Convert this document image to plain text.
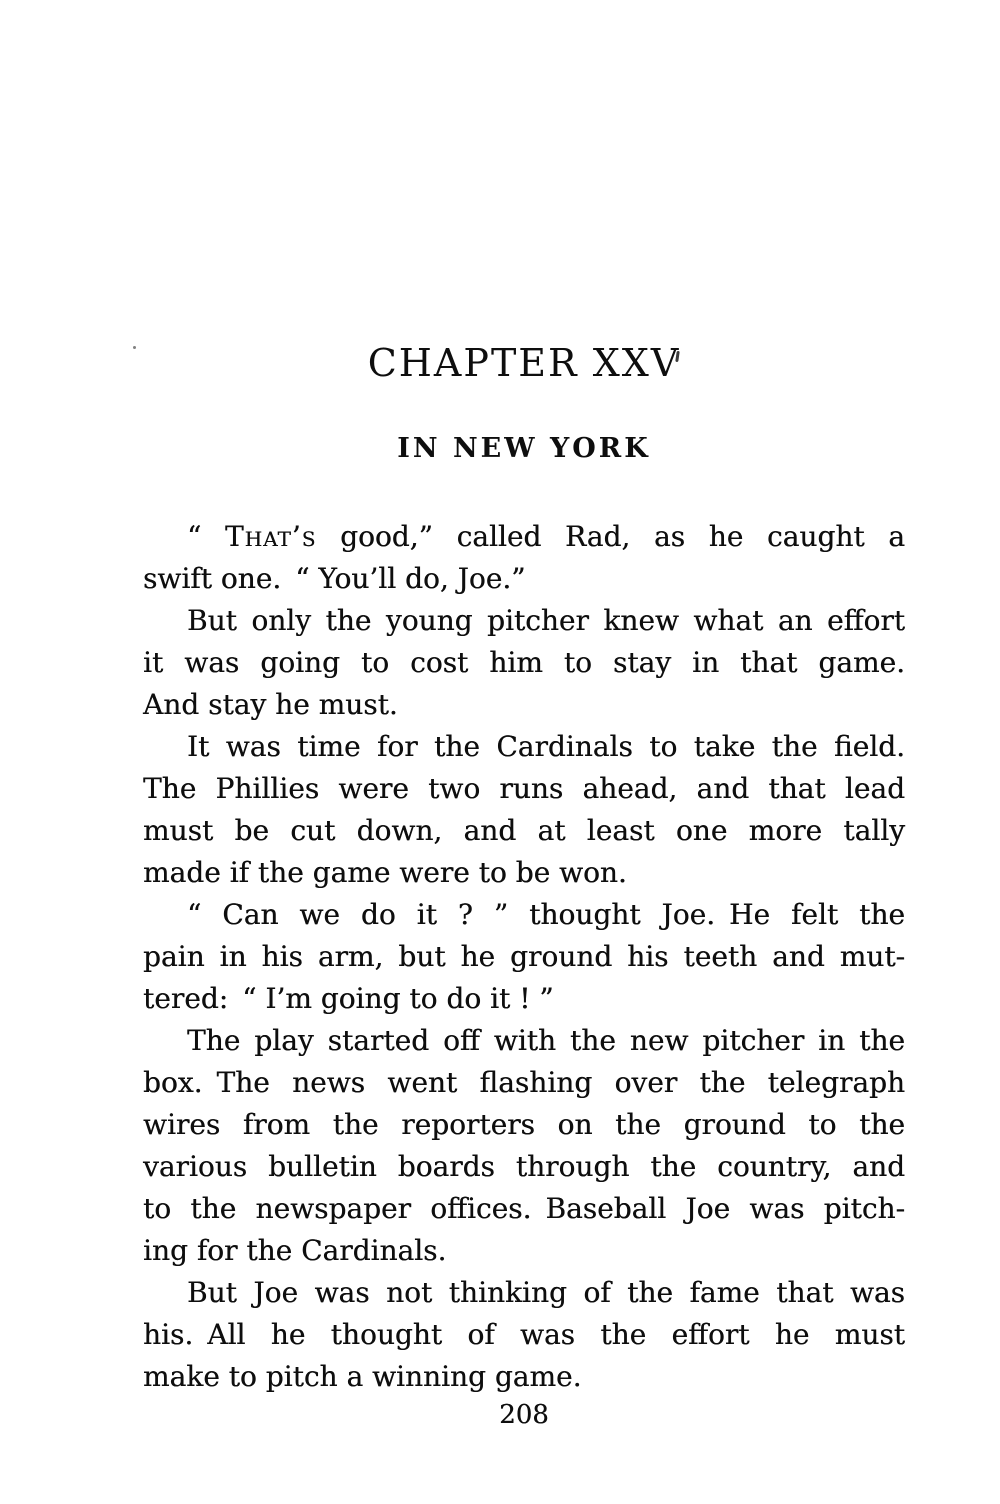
CHAPTER XXV
IN NEW YORK

“ That’s good,” called Rad, as he caught a

swift one. “ You’ll do, Joe.”

But only the young pitcher knew what an effort

it was going to cost him to stay in that game.

And stay he must.

It was time for the Cardinals to take the field.

The Phillies were two runs ahead, and that lead

must be cut down, and at least one more tally

made if the game were to be won.

“ Can we do it ? ” thought Joe. He felt the

pain in his arm, but he ground his teeth and mut-

tered: “ I’m going to do it ! ”

The play started off with the new pitcher in the

box. The news went flashing over the telegraph

wires from the reporters on the ground to the

various bulletin boards through the country, and

to the newspaper offices. Baseball Joe was pitch-

ing for the Cardinals.

But Joe was not thinking of the fame that was

his. All he thought of was the effort he must

make to pitch a winning game.

208
